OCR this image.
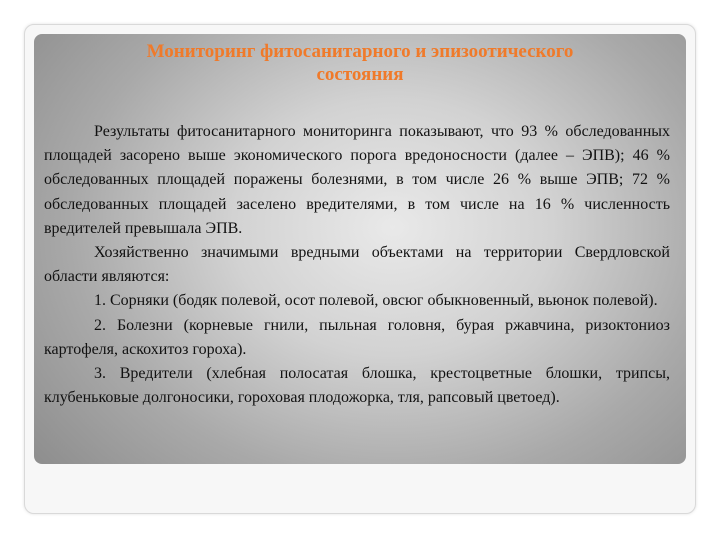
Мониторинг фитосанитарного и эпизоотического
состояния

Результаты фитосанитарного мониторинга показывают, что 93 % обследованных площадей засорено выше экономического порога вредоносности (далее – ЭПВ); 46 % обследованных площадей поражены болезнями, в том числе 26 % выше ЭПВ; 72 % обследованных площадей заселено вредителями, в том числе на 16 % численность вредителей превышала ЭПВ.

Хозяйственно значимыми вредными объектами на территории Свердловской области являются:

1. Сорняки (бодяк полевой, осот полевой, овсюг обыкновенный, вьюнок полевой).

2. Болезни (корневые гнили, пыльная головня, бурая ржавчина, ризоктониоз картофеля, аскохитоз гороха).

3. Вредители (хлебная полосатая блошка, крестоцветные блошки, трипсы, клубеньковые долгоносики, гороховая плодожорка, тля, рапсовый цветоед).
